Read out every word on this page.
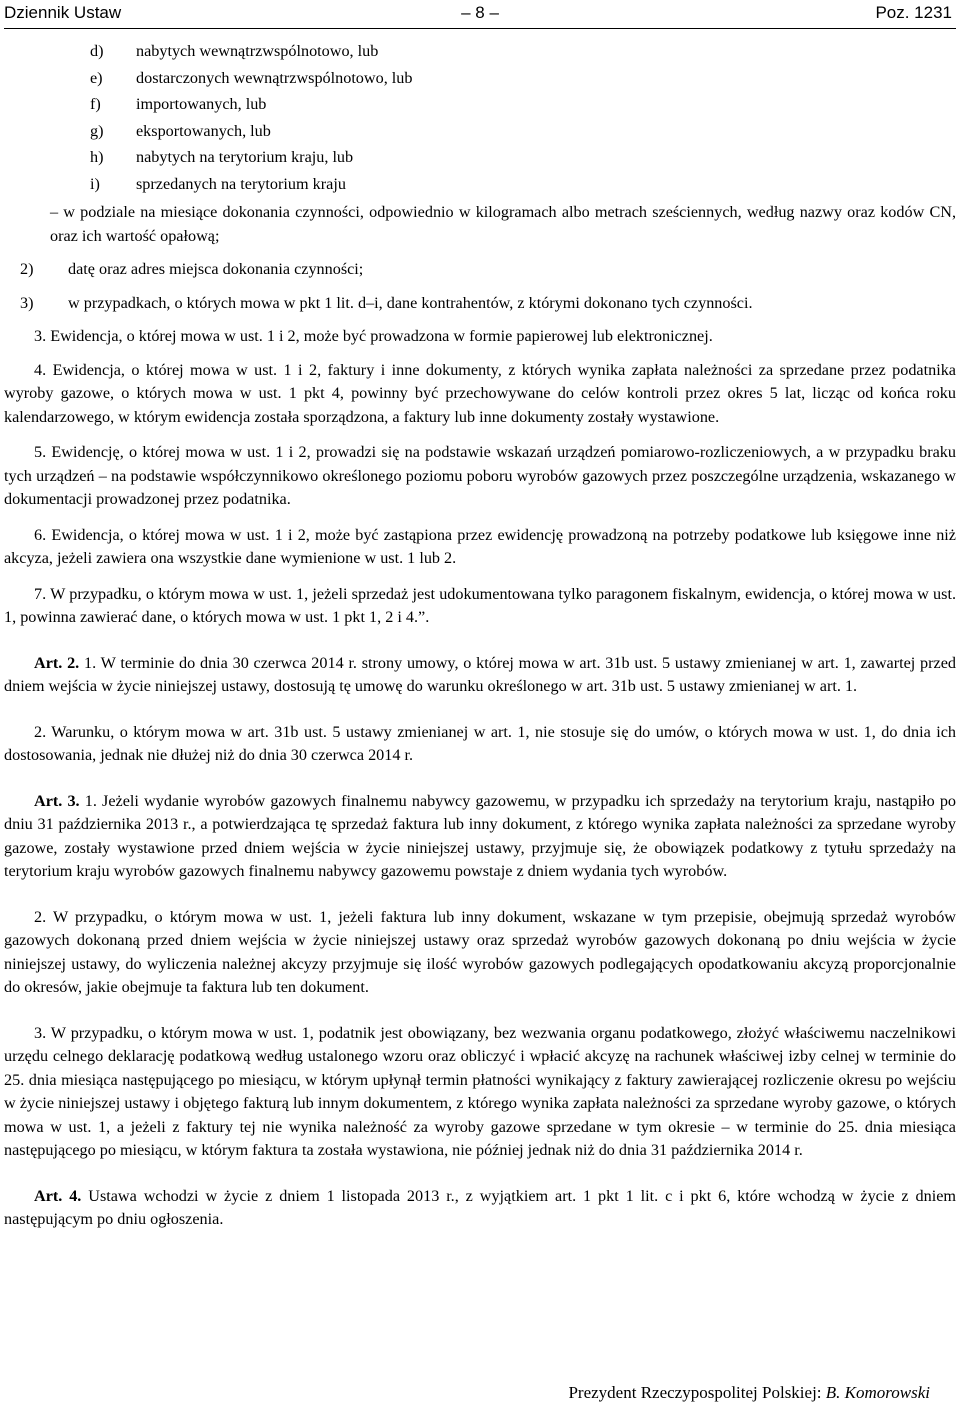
Dziennik Ustaw	– 8 –	Poz. 1231
d) nabytych wewnątrzwspólnotowo, lub
e) dostarczonych wewnątrzwspólnotowo, lub
f) importowanych, lub
g) eksportowanych, lub
h) nabytych na terytorium kraju, lub
i) sprzedanych na terytorium kraju

– w podziale na miesiące dokonania czynności, odpowiednio w kilogramach albo metrach sześciennych, według nazwy oraz kodów CN, oraz ich wartość opałową;

2) datę oraz adres miejsca dokonania czynności;

3) w przypadkach, o których mowa w pkt 1 lit. d–i, dane kontrahentów, z którymi dokonano tych czynności.

3. Ewidencja, o której mowa w ust. 1 i 2, może być prowadzona w formie papierowej lub elektronicznej.

4. Ewidencja, o której mowa w ust. 1 i 2, faktury i inne dokumenty, z których wynika zapłata należności za sprzedane przez podatnika wyroby gazowe, o których mowa w ust. 1 pkt 4, powinny być przechowywane do celów kontroli przez okres 5 lat, licząc od końca roku kalendarzowego, w którym ewidencja została sporządzona, a faktury lub inne dokumenty zostały wystawione.

5. Ewidencję, o której mowa w ust. 1 i 2, prowadzi się na podstawie wskazań urządzeń pomiarowo-rozliczeniowych, a w przypadku braku tych urządzeń – na podstawie współczynnikowo określonego poziomu poboru wyrobów gazowych przez poszczególne urządzenia, wskazanego w dokumentacji prowadzonej przez podatnika.

6. Ewidencja, o której mowa w ust. 1 i 2, może być zastąpiona przez ewidencję prowadzoną na potrzeby podatkowe lub księgowe inne niż akcyza, jeżeli zawiera ona wszystkie dane wymienione w ust. 1 lub 2.

7. W przypadku, o którym mowa w ust. 1, jeżeli sprzedaż jest udokumentowana tylko paragonem fiskalnym, ewidencja, o której mowa w ust. 1, powinna zawierać dane, o których mowa w ust. 1 pkt 1, 2 i 4.”.

Art. 2. 1. W terminie do dnia 30 czerwca 2014 r. strony umowy, o której mowa w art. 31b ust. 5 ustawy zmienianej w art. 1, zawartej przed dniem wejścia w życie niniejszej ustawy, dostosują tę umowę do warunku określonego w art. 31b ust. 5 ustawy zmienianej w art. 1.

2. Warunku, o którym mowa w art. 31b ust. 5 ustawy zmienianej w art. 1, nie stosuje się do umów, o których mowa w ust. 1, do dnia ich dostosowania, jednak nie dłużej niż do dnia 30 czerwca 2014 r.

Art. 3. 1. Jeżeli wydanie wyrobów gazowych finalnemu nabywcy gazowemu, w przypadku ich sprzedaży na terytorium kraju, nastąpiło po dniu 31 października 2013 r., a potwierdzająca tę sprzedaż faktura lub inny dokument, z którego wynika zapłata należności za sprzedane wyroby gazowe, zostały wystawione przed dniem wejścia w życie niniejszej ustawy, przyjmuje się, że obowiązek podatkowy z tytułu sprzedaży na terytorium kraju wyrobów gazowych finalnemu nabywcy gazowemu powstaje z dniem wydania tych wyrobów.

2. W przypadku, o którym mowa w ust. 1, jeżeli faktura lub inny dokument, wskazane w tym przepisie, obejmują sprzedaż wyrobów gazowych dokonaną przed dniem wejścia w życie niniejszej ustawy oraz sprzedaż wyrobów gazowych dokonaną po dniu wejścia w życie niniejszej ustawy, do wyliczenia należnej akcyzy przyjmuje się ilość wyrobów gazowych podlegających opodatkowaniu akcyzą proporcjonalnie do okresów, jakie obejmuje ta faktura lub ten dokument.

3. W przypadku, o którym mowa w ust. 1, podatnik jest obowiązany, bez wezwania organu podatkowego, złożyć właściwemu naczelnikowi urzędu celnego deklarację podatkową według ustalonego wzoru oraz obliczyć i wpłacić akcyzę na rachunek właściwej izby celnej w terminie do 25. dnia miesiąca następującego po miesiącu, w którym upłynął termin płatności wynikający z faktury zawierającej rozliczenie okresu po wejściu w życie niniejszej ustawy i objętego fakturą lub innym dokumentem, z którego wynika zapłata należności za sprzedane wyroby gazowe, o których mowa w ust. 1, a jeżeli z faktury tej nie wynika należność za wyroby gazowe sprzedane w tym okresie – w terminie do 25. dnia miesiąca następującego po miesiącu, w którym faktura ta została wystawiona, nie później jednak niż do dnia 31 października 2014 r.

Art. 4. Ustawa wchodzi w życie z dniem 1 listopada 2013 r., z wyjątkiem art. 1 pkt 1 lit. c i pkt 6, które wchodzą w życie z dniem następującym po dniu ogłoszenia.

Prezydent Rzeczypospolitej Polskiej: B. Komorowski
